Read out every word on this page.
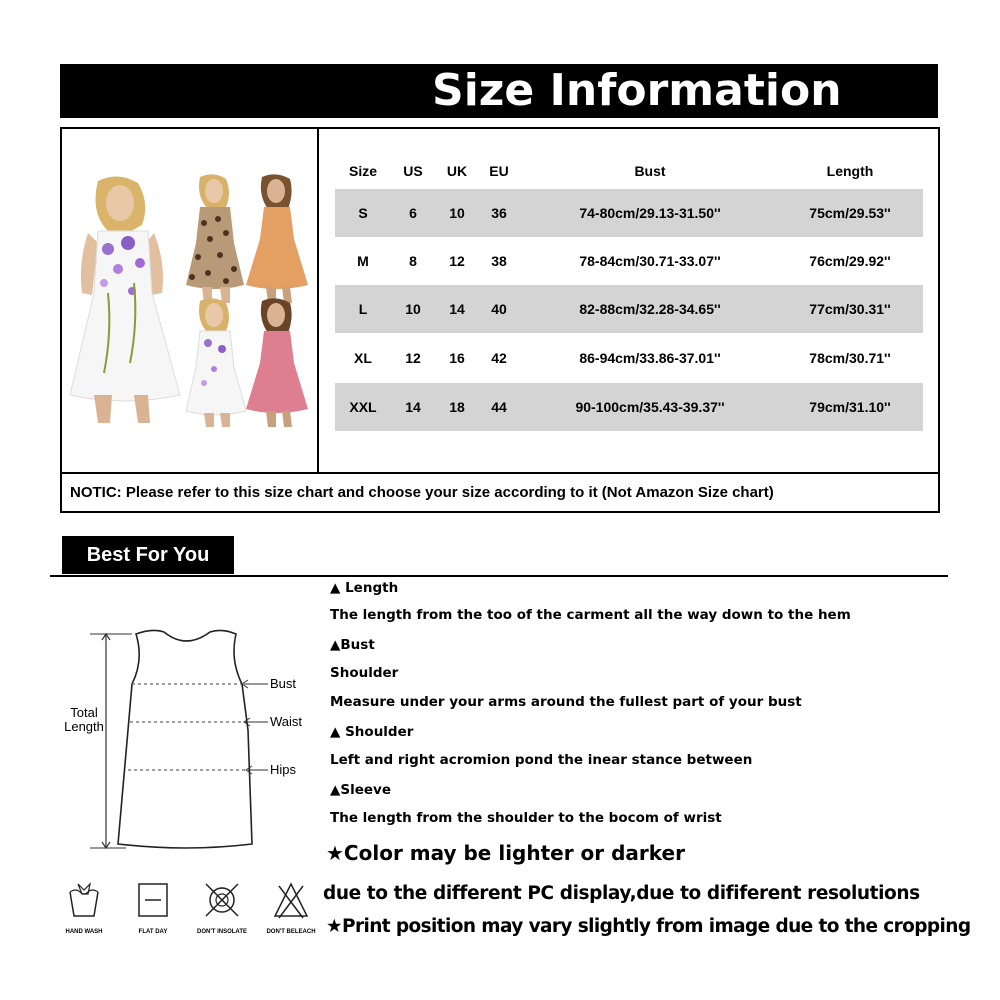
Size Information
Size	US	UK	EU	Bust	Length
S	6	10	36	74-80cm/29.13-31.50''	75cm/29.53''
M	8	12	38	78-84cm/30.71-33.07''	76cm/29.92''
L	10	14	40	82-88cm/32.28-34.65''	77cm/30.31''
XL	12	16	42	86-94cm/33.86-37.01''	78cm/30.71''
XXL	14	18	44	90-100cm/35.43-39.37''	79cm/31.10''
NOTIC: Please refer to this size chart and choose your size according to it (Not Amazon Size chart)
Best For You
Total
Length
Bust
Waist
Hips
▲ Length
The length from the too of the carment all the way down to the hem
▲Bust
Shoulder
Measure under your arms around the fullest part of your bust
▲ Shoulder
Left and right acromion pond the inear stance between
▲Sleeve
The length from the shoulder to the bocom of wrist
★Color may be lighter or darker
due to the different PC display,due to dififerent resolutions
★Print position may vary slightly from image due to the cropping
HAND WASH	FLAT DAY	DON'T INSOLATE	DON'T BELEACH
